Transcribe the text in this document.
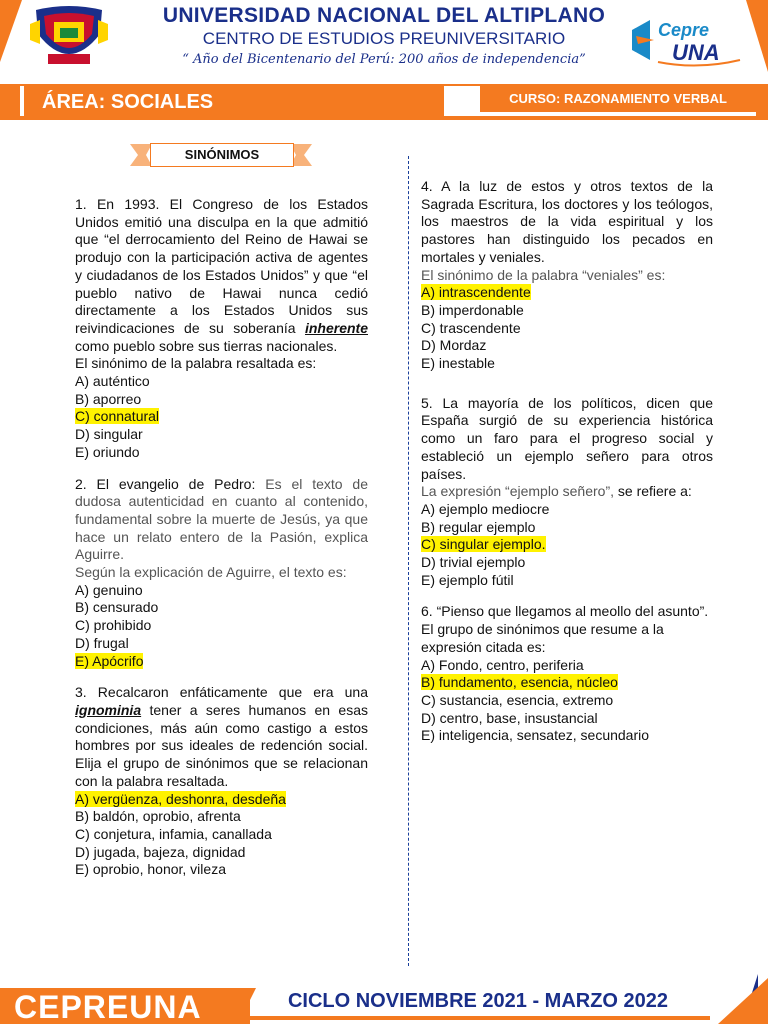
UNIVERSIDAD NACIONAL DEL ALTIPLANO
CENTRO DE ESTUDIOS PREUNIVERSITARIO
“ Año del Bicentenario del Perú: 200 años de independencia”
Cepre
UNA
ÁREA: SOCIALES	CURSO: RAZONAMIENTO VERBAL
SINÓNIMOS

1. En 1993. El Congreso de los Estados Unidos emitió una disculpa en la que admitió que “el derrocamiento del Reino de Hawai se produjo con la participación activa de agentes y ciudadanos de los Estados Unidos” y que “el pueblo nativo de Hawai nunca cedió directamente a los Estados Unidos sus reivindicaciones de su soberanía inherente como pueblo sobre sus tierras nacionales.

El sinónimo de la palabra resaltada es:

A) auténtico

B) aporreo

C) connatural

D) singular

E) oriundo

2. El evangelio de Pedro: Es el texto de dudosa autenticidad en cuanto al contenido, fundamental sobre la muerte de Jesús, ya que hace un relato entero de la Pasión, explica Aguirre.

Según la explicación de Aguirre, el texto es:

A) genuino

B) censurado

C) prohibido

D) frugal

E) Apócrifo

3. Recalcaron enfáticamente que era una ignominia tener a seres humanos en esas condiciones, más aún como castigo a estos hombres por sus ideales de redención social. Elija el grupo de sinónimos que se relacionan con la palabra resaltada.

A) vergüenza, deshonra, desdeña

B) baldón, oprobio, afrenta

C) conjetura, infamia, canallada

D) jugada, bajeza, dignidad

E) oprobio, honor, vileza

4. A la luz de estos y otros textos de la Sagrada Escritura, los doctores y los teólogos, los maestros de la vida espiritual y los pastores han distinguido los pecados en mortales y veniales.

El sinónimo de la palabra “veniales” es:

A) intrascendente

B) imperdonable

C) trascendente

D) Mordaz

E) inestable

5. La mayoría de los políticos, dicen que España surgió de su experiencia histórica como un faro para el progreso social y estableció un ejemplo señero para otros países.

La expresión “ejemplo señero”, se refiere a:

A) ejemplo mediocre

B) regular ejemplo

C) singular ejemplo.

D) trivial ejemplo

E) ejemplo fútil

6. “Pienso que llegamos al meollo del asunto”.

El grupo de sinónimos que resume a la expresión citada es:

A) Fondo, centro, periferia

B) fundamento, esencia, núcleo

C) sustancia, esencia, extremo

D) centro, base, insustancial

E) inteligencia, sensatez, secundario

CEPREUNA	CICLO NOVIEMBRE 2021 - MARZO 2022
